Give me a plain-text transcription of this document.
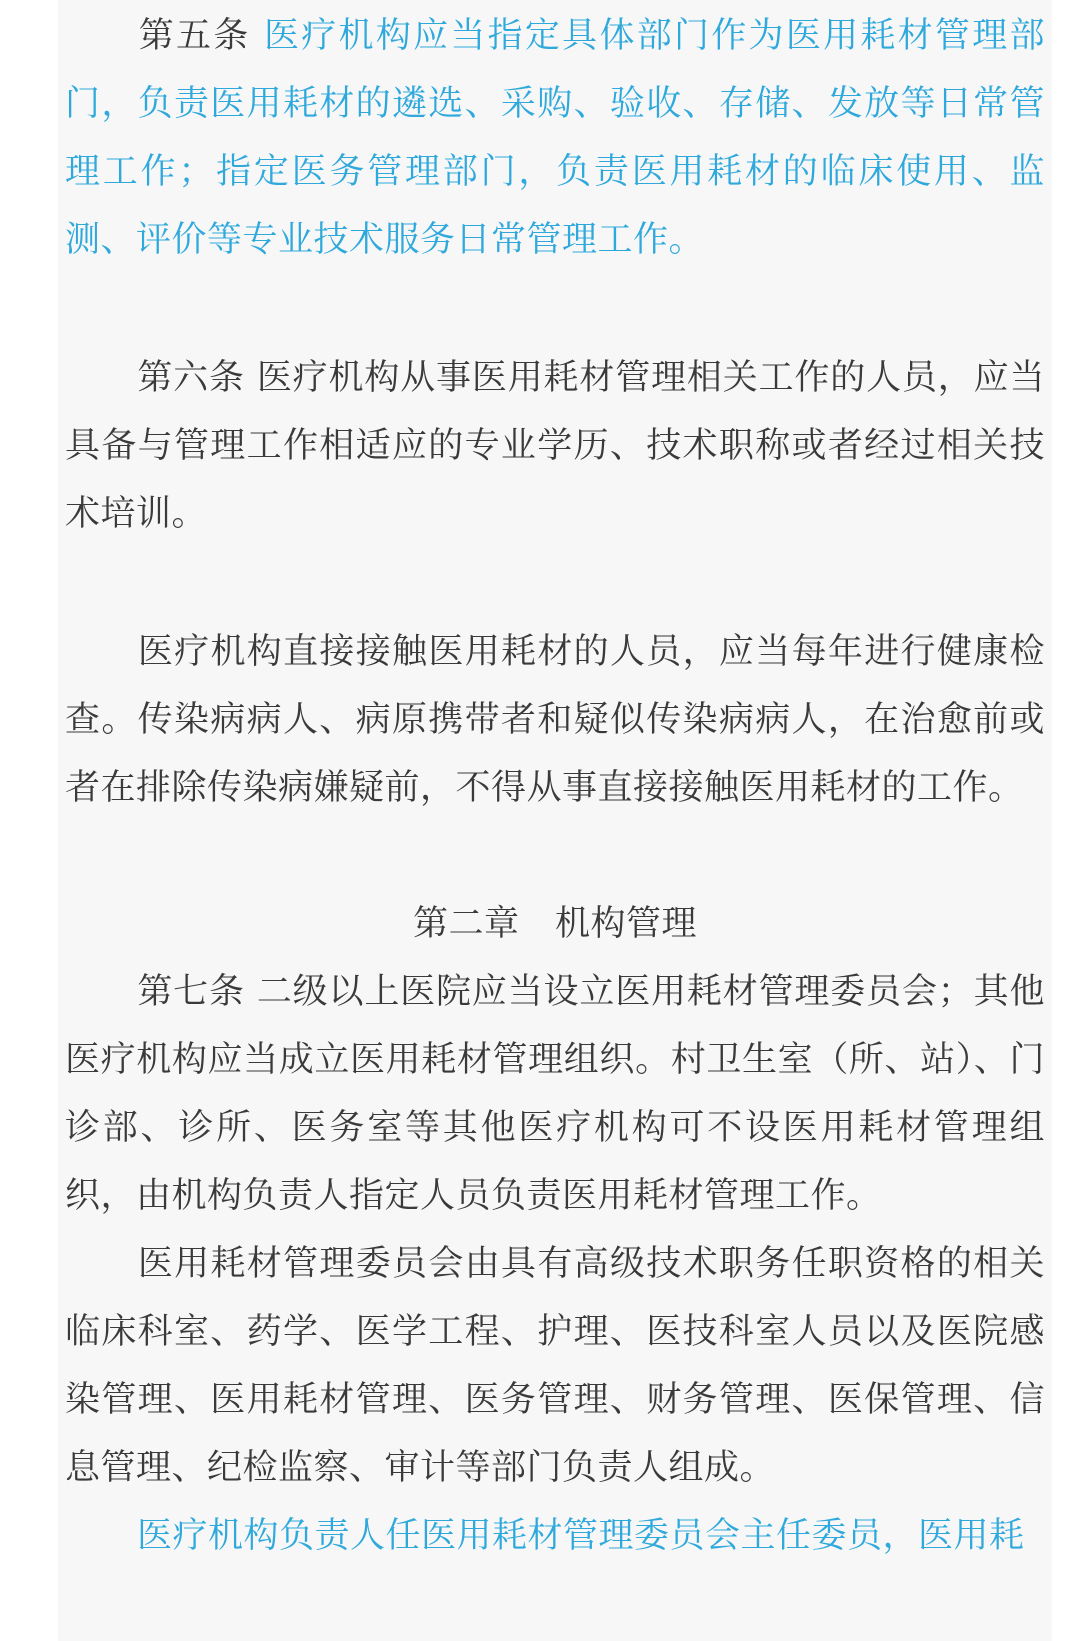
第五条 医疗机构应当指定具体部门作为医用耗材管理部门，负责医用耗材的遴选、采购、验收、存储、发放等日常管理工作；指定医务管理部门，负责医用耗材的临床使用、监测、评价等专业技术服务日常管理工作。

第六条 医疗机构从事医用耗材管理相关工作的人员，应当具备与管理工作相适应的专业学历、技术职称或者经过相关技术培训。

医疗机构直接接触医用耗材的人员，应当每年进行健康检查。传染病病人、病原携带者和疑似传染病病人，在治愈前或者在排除传染病嫌疑前，不得从事直接接触医用耗材的工作。

第二章　机构管理

第七条 二级以上医院应当设立医用耗材管理委员会；其他医疗机构应当成立医用耗材管理组织。村卫生室（所、站）、门诊部、诊所、医务室等其他医疗机构可不设医用耗材管理组织，由机构负责人指定人员负责医用耗材管理工作。

医用耗材管理委员会由具有高级技术职务任职资格的相关临床科室、药学、医学工程、护理、医技科室人员以及医院感染管理、医用耗材管理、医务管理、财务管理、医保管理、信息管理、纪检监察、审计等部门负责人组成。

医疗机构负责人任医用耗材管理委员会主任委员，医用耗
